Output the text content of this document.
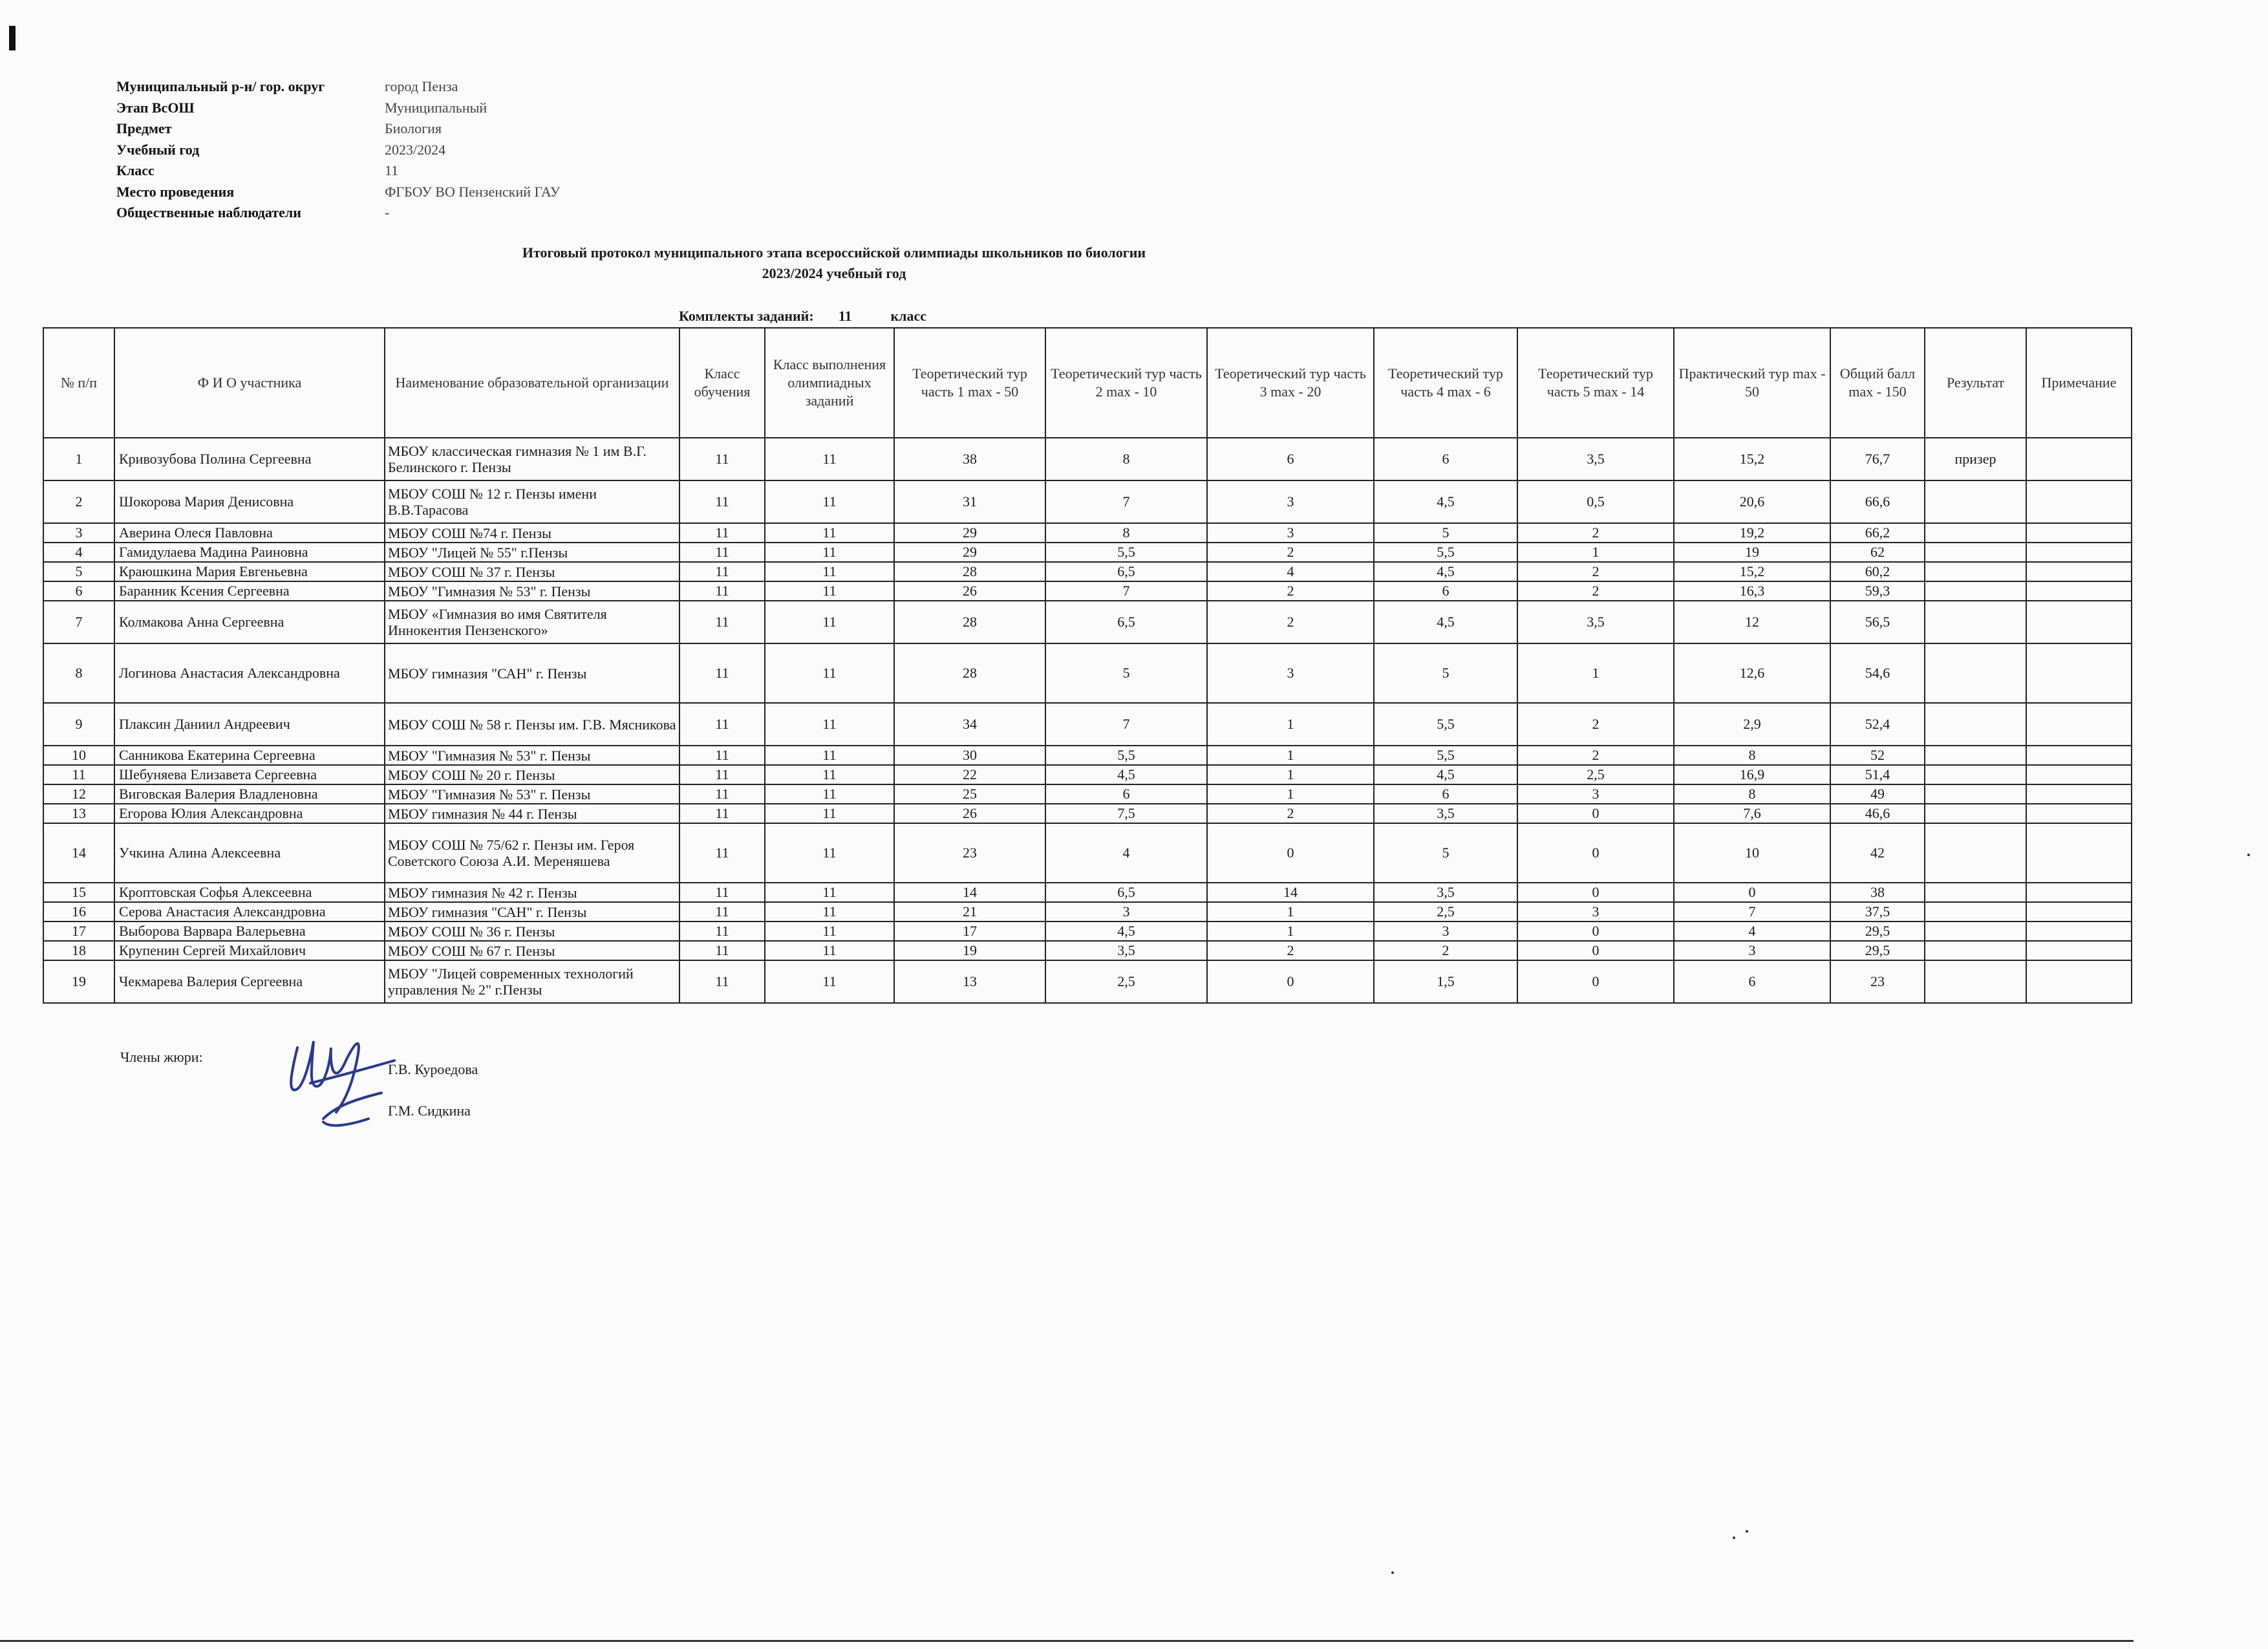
Муниципальный р-н/ гор. округ	город Пенза
Этап ВсОШ	Муниципальный
Предмет	Биология
Учебный год	2023/2024
Класс	11
Место проведения	ФГБОУ ВО Пензенский ГАУ
Общественные наблюдатели	-
Итоговый протокол муниципального этапа всероссийской олимпиады школьников по биологии
2023/2024 учебный год
Комплекты заданий: 11	класс
№ п/п	Ф И О участника	Наименование образовательной организации	Класс обучения	Класс выполнения олимпиадных заданий	Теоретический тур часть 1 max - 50	Теоретический тур часть 2 max - 10	Теоретический тур часть 3 max - 20	Теоретический тур часть 4 max - 6	Теоретический тур часть 5 max - 14	Практический тур max - 50	Общий балл max - 150	Результат	Примечание
1	Кривозубова Полина Сергеевна	МБОУ классическая гимназия № 1 им В.Г. Белинского г. Пензы	11	11	38	8	6	6	3,5	15,2	76,7	призер	
2	Шокорова Мария Денисовна	МБОУ СОШ № 12 г. Пензы имени В.В.Тарасова	11	11	31	7	3	4,5	0,5	20,6	66,6		
3	Аверина Олеся Павловна	МБОУ СОШ №74 г. Пензы	11	11	29	8	3	5	2	19,2	66,2		
4	Гамидулаева Мадина Раиновна	МБОУ "Лицей № 55" г.Пензы	11	11	29	5,5	2	5,5	1	19	62		
5	Краюшкина Мария Евгеньевна	МБОУ СОШ № 37 г. Пензы	11	11	28	6,5	4	4,5	2	15,2	60,2		
6	Баранник Ксения Сергеевна	МБОУ "Гимназия № 53" г. Пензы	11	11	26	7	2	6	2	16,3	59,3		
7	Колмакова Анна Сергеевна	МБОУ «Гимназия во имя Святителя Иннокентия Пензенского»	11	11	28	6,5	2	4,5	3,5	12	56,5		
8	Логинова Анастасия Александровна	МБОУ гимназия "САН" г. Пензы	11	11	28	5	3	5	1	12,6	54,6		
9	Плаксин Даниил Андреевич	МБОУ СОШ № 58 г. Пензы им. Г.В. Мясникова	11	11	34	7	1	5,5	2	2,9	52,4		
10	Санникова Екатерина Сергеевна	МБОУ "Гимназия № 53" г. Пензы	11	11	30	5,5	1	5,5	2	8	52		
11	Шебуняева Елизавета Сергеевна	МБОУ СОШ № 20 г. Пензы	11	11	22	4,5	1	4,5	2,5	16,9	51,4		
12	Виговская Валерия Владленовна	МБОУ "Гимназия № 53" г. Пензы	11	11	25	6	1	6	3	8	49		
13	Егорова Юлия Александровна	МБОУ гимназия № 44 г. Пензы	11	11	26	7,5	2	3,5	0	7,6	46,6		
14	Учкина Алина Алексеевна	МБОУ СОШ № 75/62 г. Пензы им. Героя Советского Союза А.И. Мереняшева	11	11	23	4	0	5	0	10	42		
15	Кроптовская Софья Алексеевна	МБОУ гимназия № 42 г. Пензы	11	11	14	6,5	14	3,5	0	0	38		
16	Серова Анастасия Александровна	МБОУ гимназия "САН" г. Пензы	11	11	21	3	1	2,5	3	7	37,5		
17	Выборова Варвара Валерьевна	МБОУ СОШ № 36 г. Пензы	11	11	17	4,5	1	3	0	4	29,5		
18	Крупенин Сергей Михайлович	МБОУ СОШ № 67 г. Пензы	11	11	19	3,5	2	2	0	3	29,5		
19	Чекмарева Валерия Сергеевна	МБОУ "Лицей современных технологий управления № 2" г.Пензы	11	11	13	2,5	0	1,5	0	6	23		
Члены жюри:
Г.В. Куроедова
Г.М. Сидкина
